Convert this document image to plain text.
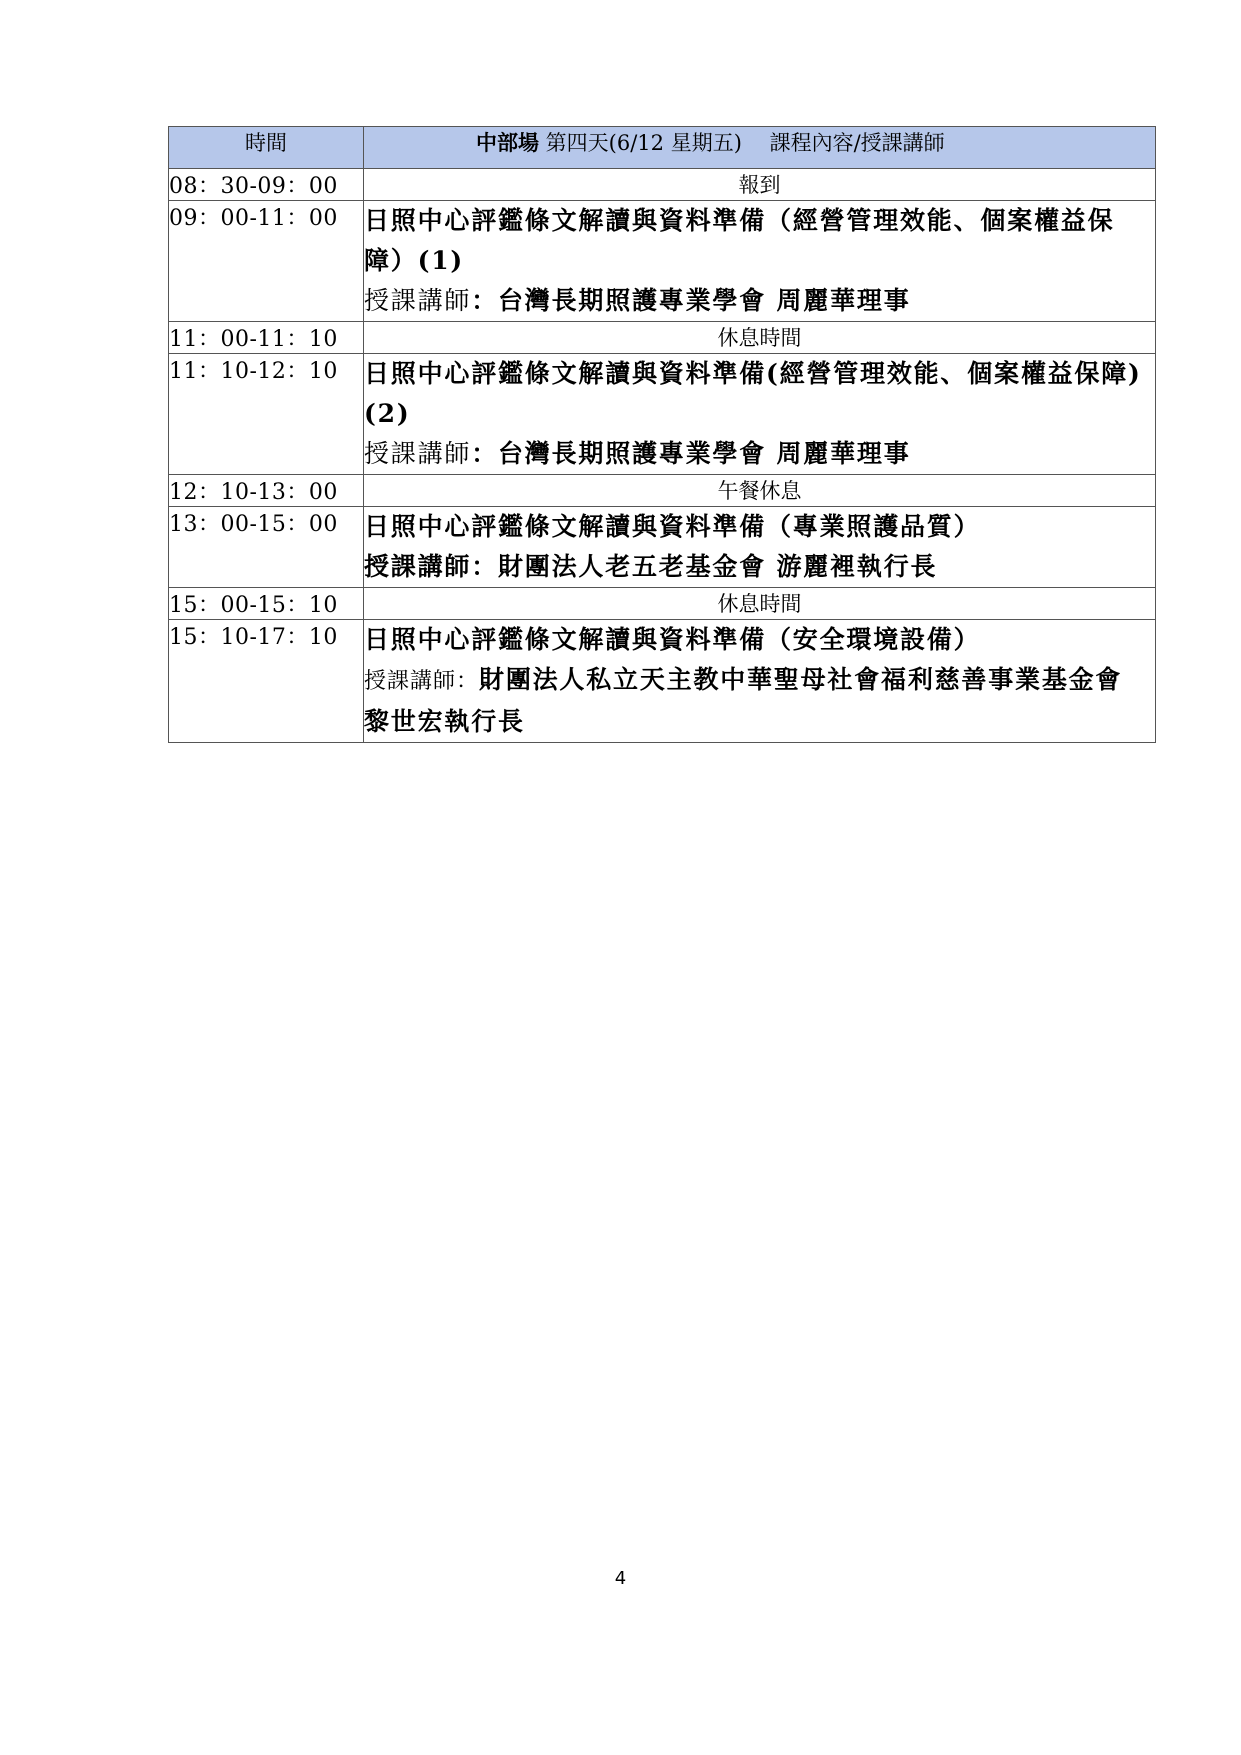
時間	中部場 第四天(6/12 星期五)　 課程內容/授課講師
08：30-09：00	報到
09：00-11：00	日照中心評鑑條文解讀與資料準備（經營管理效能、個案權益保障）(1)
授課講師：台灣長期照護專業學會 周麗華理事

11：00-11：10	休息時間
11：10-12：10	日照中心評鑑條文解讀與資料準備(經營管理效能、個案權益保障)(2)
授課講師：台灣長期照護專業學會 周麗華理事

12：10-13：00	午餐休息
13：00-15：00	日照中心評鑑條文解讀與資料準備（專業照護品質）
授課講師：財團法人老五老基金會 游麗裡執行長

15：00-15：10	休息時間
15：10-17：10	日照中心評鑑條文解讀與資料準備（安全環境設備）
授課講師：財團法人私立天主教中華聖母社會福利慈善事業基金會 黎世宏執行長
4
